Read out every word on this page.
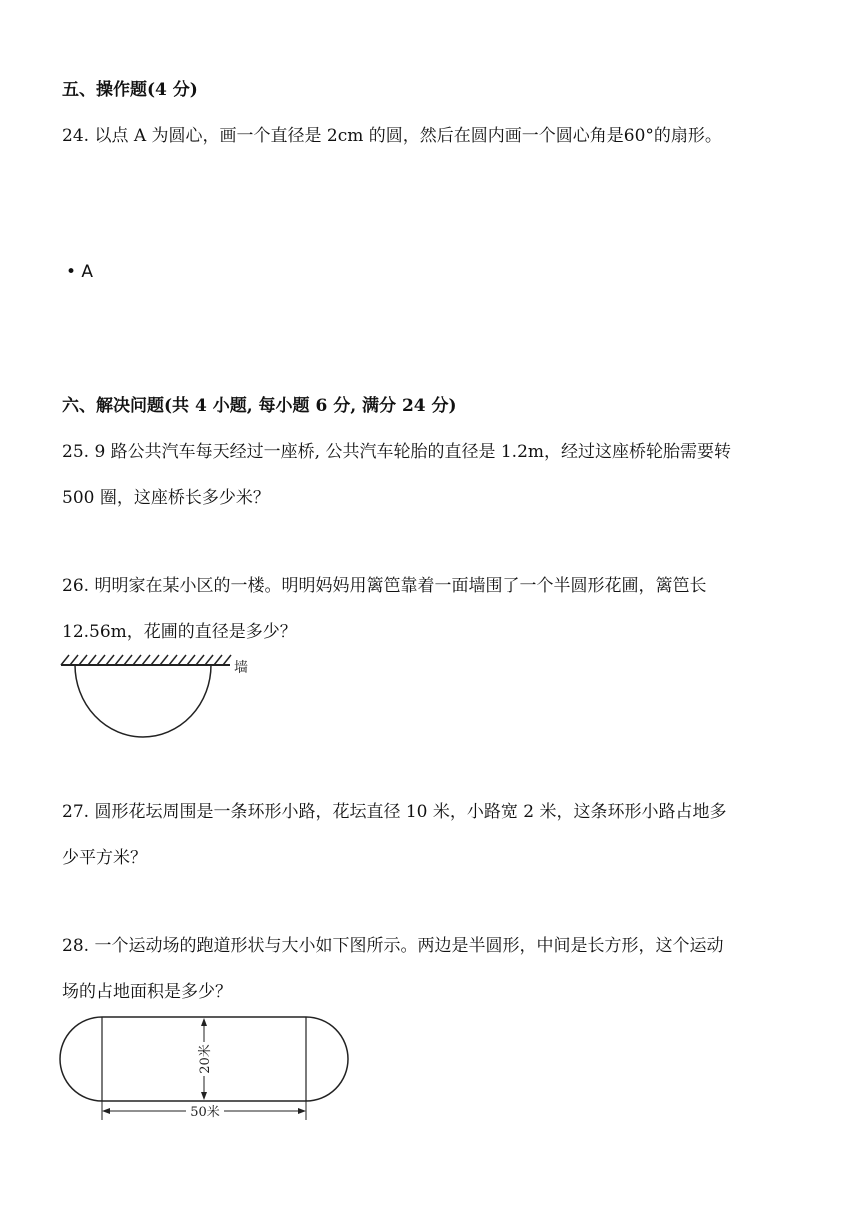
五、操作题(4 分)
24. 以点 A 为圆心，画一个直径是 2cm 的圆，然后在圆内画一个圆心角是60°的扇形。
• A
六、解决问题(共 4 小题, 每小题 6 分, 满分 24 分)
25. 9 路公共汽车每天经过一座桥, 公共汽车轮胎的直径是 1.2m，经过这座桥轮胎需要转
500 圈，这座桥长多少米？
26. 明明家在某小区的一楼。明明妈妈用篱笆靠着一面墙围了一个半圆形花圃，篱笆长
12.56m，花圃的直径是多少？
墙
27. 圆形花坛周围是一条环形小路，花坛直径 10 米，小路宽 2 米，这条环形小路占地多
少平方米？
28. 一个运动场的跑道形状与大小如下图所示。两边是半圆形，中间是长方形，这个运动
场的占地面积是多少？
20米
50米
